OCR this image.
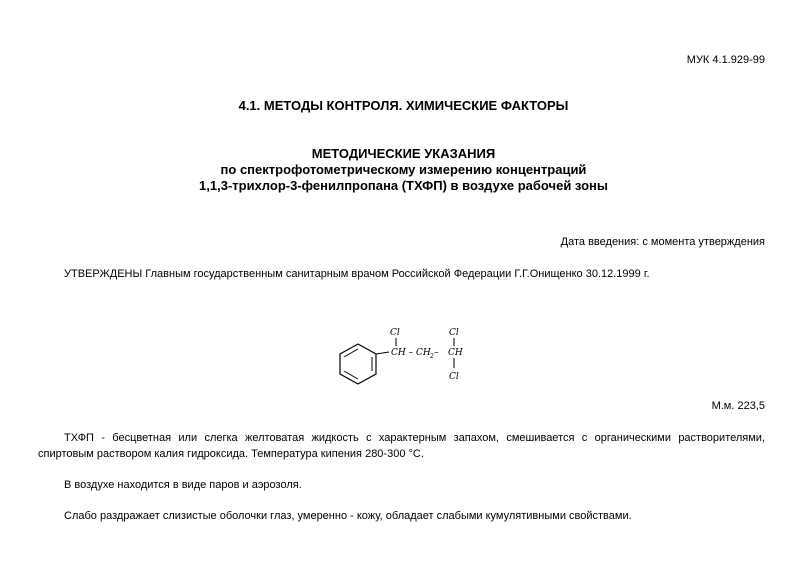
МУК 4.1.929-99
4.1. МЕТОДЫ КОНТРОЛЯ. ХИМИЧЕСКИЕ ФАКТОРЫ
МЕТОДИЧЕСКИЕ УКАЗАНИЯ
по спектрофотометрическому измерению концентраций
1,1,3-трихлор-3-фенилпропана (ТХФП) в воздухе рабочей зоны
Дата введения: с момента утверждения
УТВЕРЖДЕНЫ Главным государственным санитарным врачом Российской Федерации Г.Г.Онищенко 30.12.1999 г.
Cl
CH – CH 2 – CH
Cl
Cl
М.м. 223,5
ТХФП - бесцветная или слегка желтоватая жидкость с характерным запахом, смешивается с органическими растворителями, спиртовым раствором калия гидроксида. Температура кипения 280-300 °С.
В воздухе находится в виде паров и аэрозоля.
Слабо раздражает слизистые оболочки глаз, умеренно - кожу, обладает слабыми кумулятивными свойствами.
